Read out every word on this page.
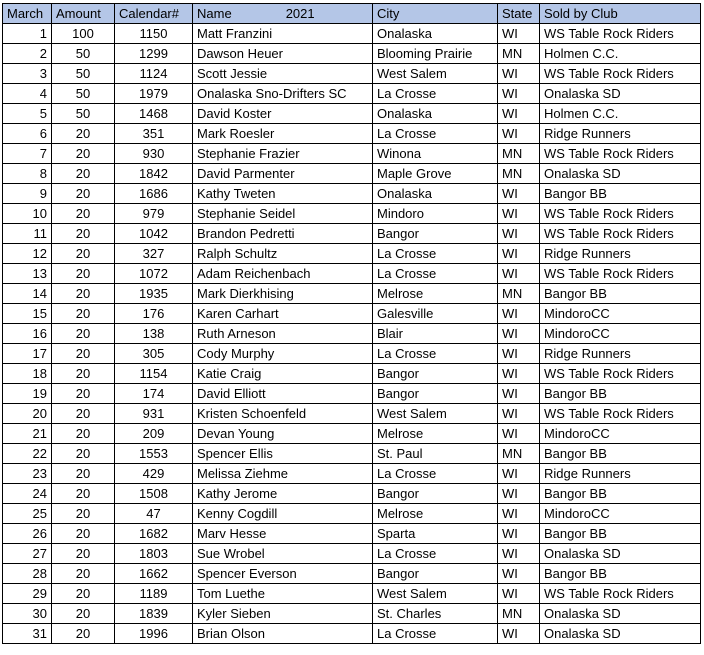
March	Amount	Calendar#	Name 2021	City	State	Sold by Club
1	100	1150	Matt Franzini	Onalaska	WI	WS Table Rock Riders
2	50	1299	Dawson Heuer	Blooming Prairie	MN	Holmen C.C.
3	50	1124	Scott Jessie	West Salem	WI	WS Table Rock Riders
4	50	1979	Onalaska Sno-Drifters SC	La Crosse	WI	Onalaska SD
5	50	1468	David Koster	Onalaska	WI	Holmen C.C.
6	20	351	Mark Roesler	La Crosse	WI	Ridge Runners
7	20	930	Stephanie Frazier	Winona	MN	WS Table Rock Riders
8	20	1842	David Parmenter	Maple Grove	MN	Onalaska SD
9	20	1686	Kathy Tweten	Onalaska	WI	Bangor BB
10	20	979	Stephanie Seidel	Mindoro	WI	WS Table Rock Riders
11	20	1042	Brandon Pedretti	Bangor	WI	WS Table Rock Riders
12	20	327	Ralph Schultz	La Crosse	WI	Ridge Runners
13	20	1072	Adam Reichenbach	La Crosse	WI	WS Table Rock Riders
14	20	1935	Mark Dierkhising	Melrose	MN	Bangor BB
15	20	176	Karen Carhart	Galesville	WI	MindoroCC
16	20	138	Ruth Arneson	Blair	WI	MindoroCC
17	20	305	Cody Murphy	La Crosse	WI	Ridge Runners
18	20	1154	Katie Craig	Bangor	WI	WS Table Rock Riders
19	20	174	David Elliott	Bangor	WI	Bangor BB
20	20	931	Kristen Schoenfeld	West Salem	WI	WS Table Rock Riders
21	20	209	Devan Young	Melrose	WI	MindoroCC
22	20	1553	Spencer Ellis	St. Paul	MN	Bangor BB
23	20	429	Melissa Ziehme	La Crosse	WI	Ridge Runners
24	20	1508	Kathy Jerome	Bangor	WI	Bangor BB
25	20	47	Kenny Cogdill	Melrose	WI	MindoroCC
26	20	1682	Marv Hesse	Sparta	WI	Bangor BB
27	20	1803	Sue Wrobel	La Crosse	WI	Onalaska SD
28	20	1662	Spencer Everson	Bangor	WI	Bangor BB
29	20	1189	Tom Luethe	West Salem	WI	WS Table Rock Riders
30	20	1839	Kyler Sieben	St. Charles	MN	Onalaska SD
31	20	1996	Brian Olson	La Crosse	WI	Onalaska SD
